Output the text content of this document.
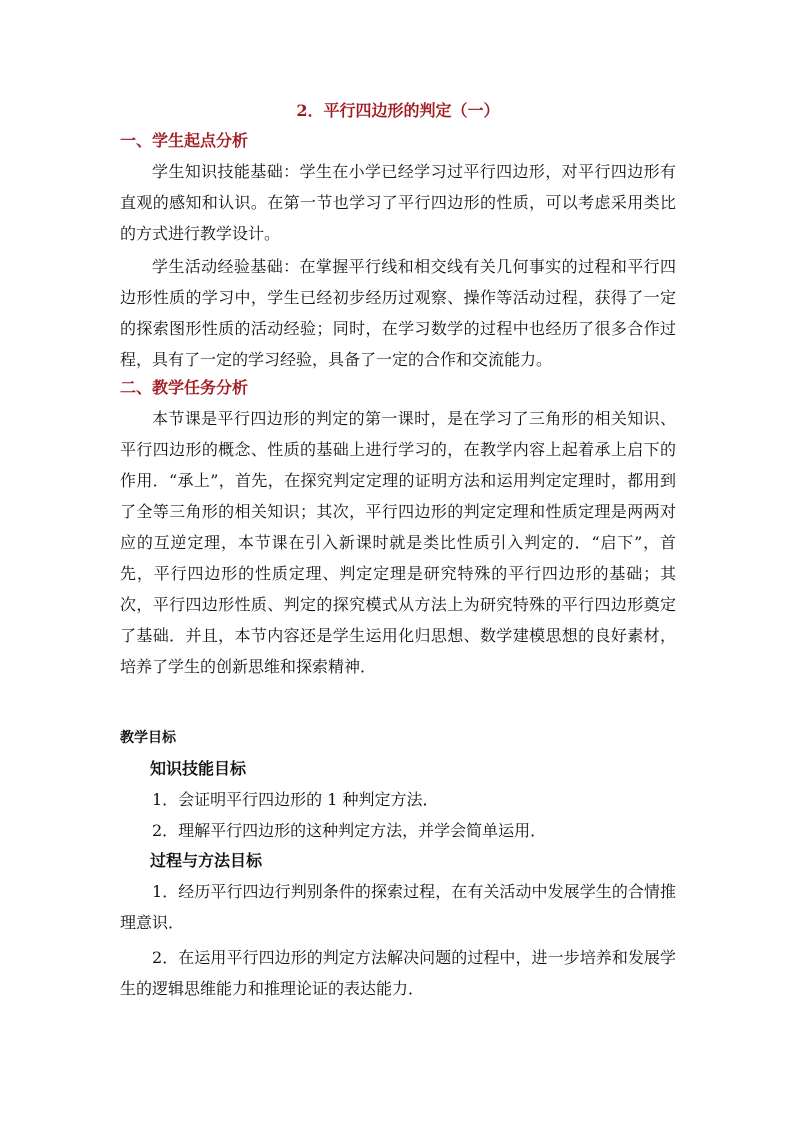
2．平行四边形的判定（一）
一、学生起点分析

学生知识技能基础：学生在小学已经学习过平行四边形，对平行四边形有直观的感知和认识。在第一节也学习了平行四边形的性质，可以考虑采用类比的方式进行教学设计。

学生活动经验基础：在掌握平行线和相交线有关几何事实的过程和平行四边形性质的学习中，学生已经初步经历过观察、操作等活动过程，获得了一定的探索图形性质的活动经验；同时，在学习数学的过程中也经历了很多合作过程，具有了一定的学习经验，具备了一定的合作和交流能力。

二、教学任务分析

本节课是平行四边形的判定的第一课时，是在学习了三角形的相关知识、平行四边形的概念、性质的基础上进行学习的，在教学内容上起着承上启下的作用．“承上”，首先，在探究判定定理的证明方法和运用判定定理时，都用到了全等三角形的相关知识；其次，平行四边形的判定定理和性质定理是两两对应的互逆定理，本节课在引入新课时就是类比性质引入判定的．“启下”，首先，平行四边形的性质定理、判定定理是研究特殊的平行四边形的基础；其次，平行四边形性质、判定的探究模式从方法上为研究特殊的平行四边形奠定了基础．并且，本节内容还是学生运用化归思想、数学建模思想的良好素材，培养了学生的创新思维和探索精神．

教学目标
知识技能目标

1．会证明平行四边形的 1 种判定方法．

2．理解平行四边形的这种判定方法，并学会简单运用．

过程与方法目标

1．经历平行四边行判别条件的探索过程，在有关活动中发展学生的合情推理意识．

2．在运用平行四边形的判定方法解决问题的过程中，进一步培养和发展学生的逻辑思维能力和推理论证的表达能力．
